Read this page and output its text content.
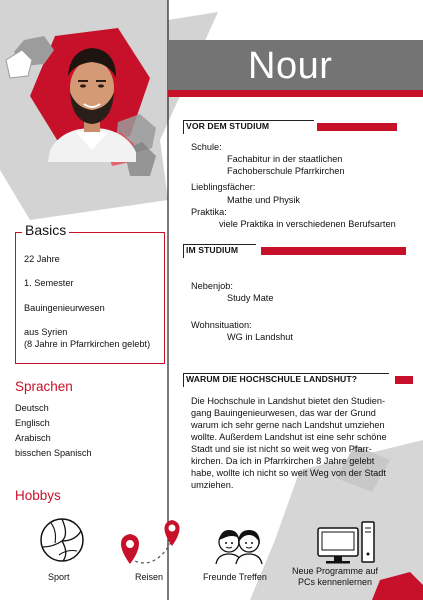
Nour
VOR DEM STUDIUM
Schule:
Fachabitur in der staatlichen
Fachoberschule Pfarrkirchen
Lieblingsfächer:
Mathe und Physik
Praktika:
viele Praktika in verschiedenen Berufsarten
IM STUDIUM
Nebenjob:
Study Mate
Wohnsituation:
WG in Landshut
WARUM DIE HOCHSCHULE LANDSHUT?
Die Hochschule in Landshut bietet den Studien-
gang Bauingenieurwesen, das war der Grund
warum ich sehr gerne nach Landshut umziehen
wollte. Außerdem Landshut ist eine sehr schöne
Stadt und sie ist nicht so weit weg von Pfarr-
kirchen. Da ich in Pfarrkirchen 8 Jahre gelebt
habe, wollte ich nicht so weit Weg von der Stadt
umziehen.
Basics
22 Jahre
1. Semester
Bauingenieurwesen
aus Syrien
(8 Jahre in Pfarrkirchen gelebt)
Sprachen
Deutsch
Englisch
Arabisch
bisschen Spanisch
Hobbys
Sport	Reisen	Freunde Treffen
Neue Programme auf
PCs kennenlernen
